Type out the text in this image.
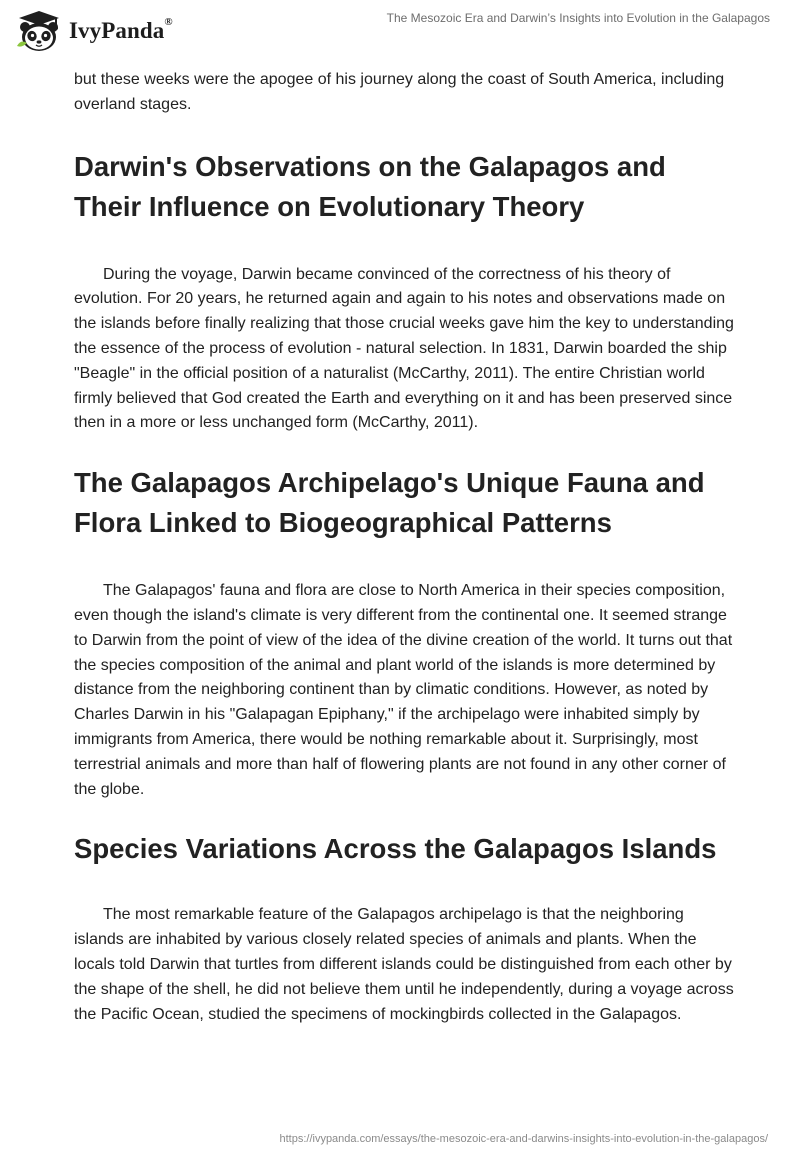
IvyPanda®	The Mesozoic Era and Darwin’s Insights into Evolution in the Galapagos

but these weeks were the apogee of his journey along the coast of South America, including overland stages.

Darwin's Observations on the Galapagos and Their Influence on Evolutionary Theory

During the voyage, Darwin became convinced of the correctness of his theory of evolution. For 20 years, he returned again and again to his notes and observations made on the islands before finally realizing that those crucial weeks gave him the key to understanding the essence of the process of evolution - natural selection. In 1831, Darwin boarded the ship "Beagle" in the official position of a naturalist (McCarthy, 2011). The entire Christian world firmly believed that God created the Earth and everything on it and has been preserved since then in a more or less unchanged form (McCarthy, 2011).

The Galapagos Archipelago's Unique Fauna and Flora Linked to Biogeographical Patterns

The Galapagos' fauna and flora are close to North America in their species composition, even though the island's climate is very different from the continental one. It seemed strange to Darwin from the point of view of the idea of the divine creation of the world. It turns out that the species composition of the animal and plant world of the islands is more determined by distance from the neighboring continent than by climatic conditions. However, as noted by Charles Darwin in his "Galapagan Epiphany," if the archipelago were inhabited simply by immigrants from America, there would be nothing remarkable about it. Surprisingly, most terrestrial animals and more than half of flowering plants are not found in any other corner of the globe.

Species Variations Across the Galapagos Islands

The most remarkable feature of the Galapagos archipelago is that the neighboring islands are inhabited by various closely related species of animals and plants. When the locals told Darwin that turtles from different islands could be distinguished from each other by the shape of the shell, he did not believe them until he independently, during a voyage across the Pacific Ocean, studied the specimens of mockingbirds collected in the Galapagos.

https://ivypanda.com/essays/the-mesozoic-era-and-darwins-insights-into-evolution-in-the-galapagos/
